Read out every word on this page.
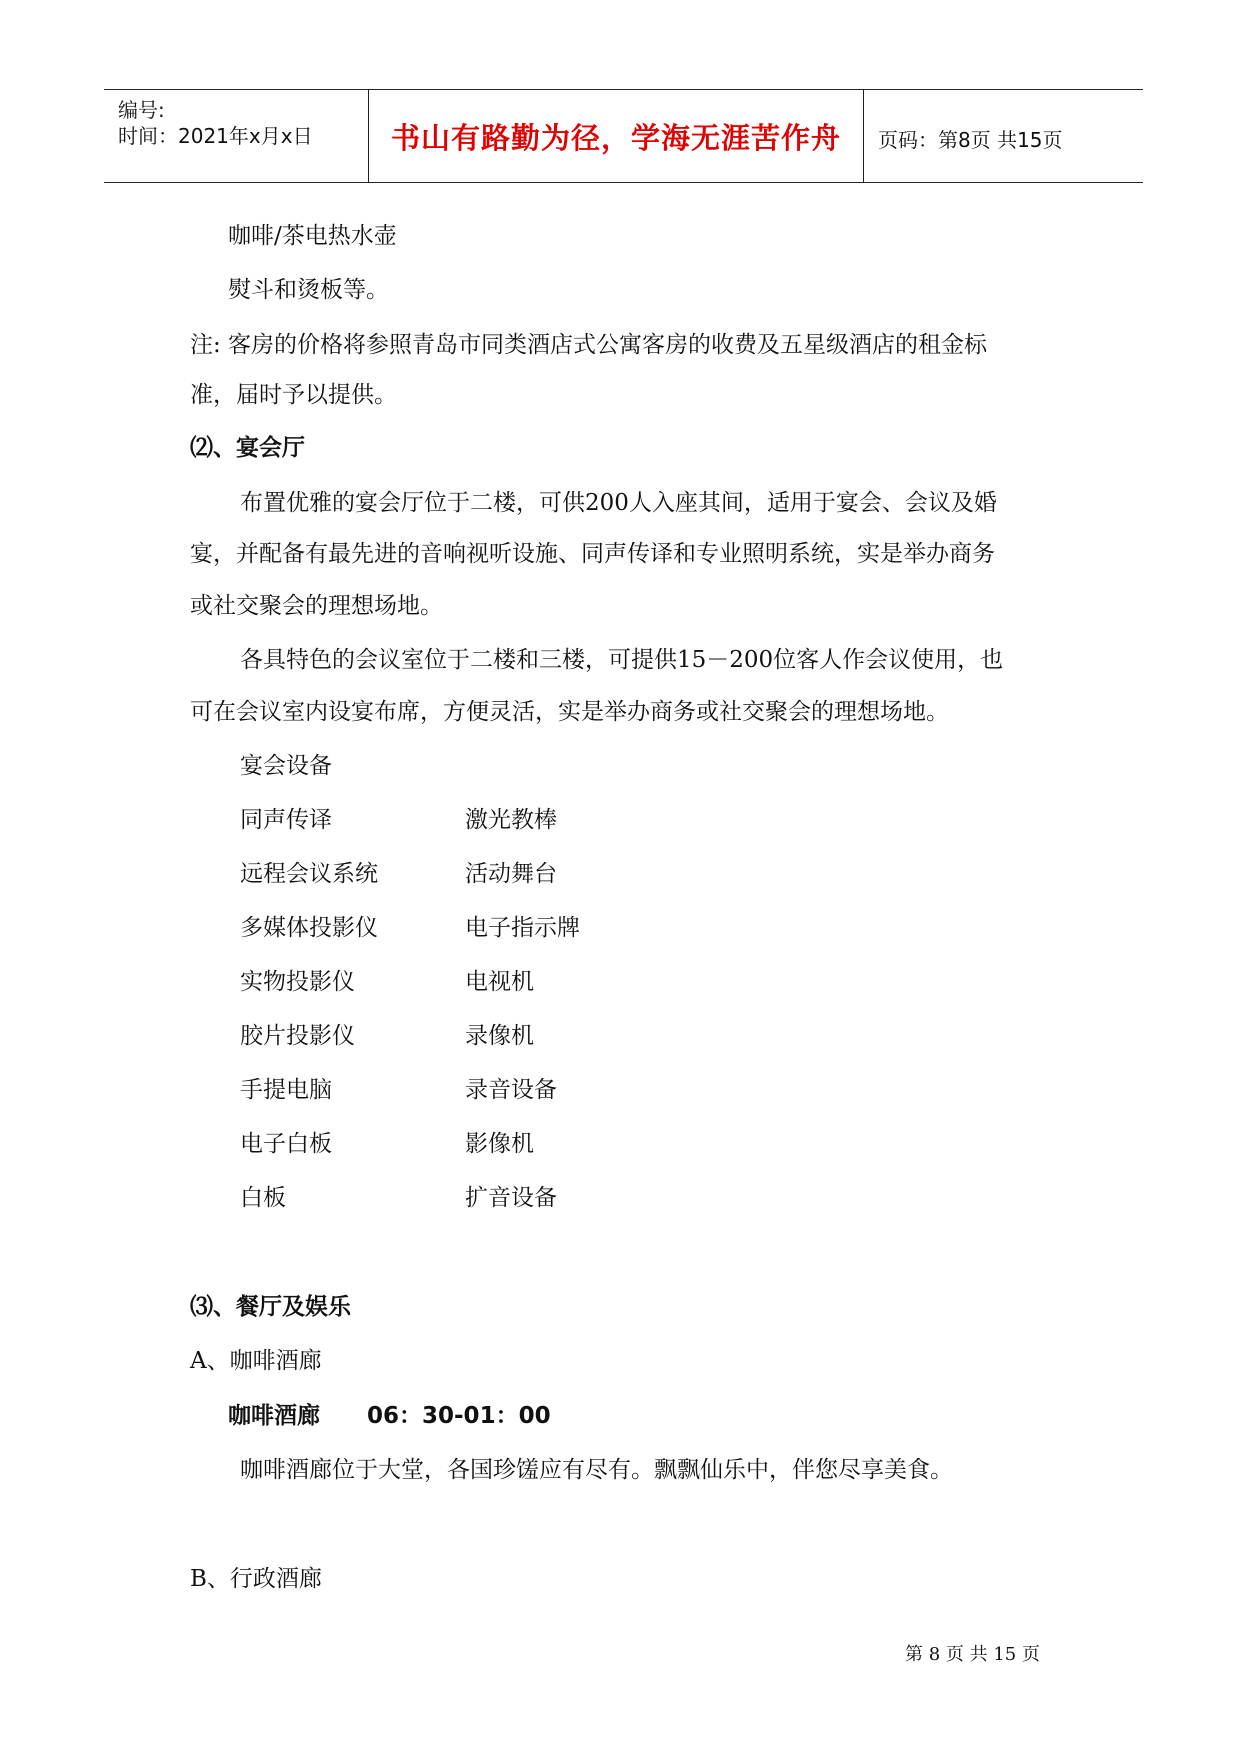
编号:
时间：2021年x月x日	书山有路勤为径，学海无涯苦作舟	页码：第8页 共15页
咖啡/茶电热水壶
熨斗和烫板等。
注: 客房的价格将参照青岛市同类酒店式公寓客房的收费及五星级酒店的租金标
准，届时予以提供。
⑵、宴会厅
布置优雅的宴会厅位于二楼，可供200人入座其间，适用于宴会、会议及婚
宴，并配备有最先进的音响视听设施、同声传译和专业照明系统，实是举办商务
或社交聚会的理想场地。
各具特色的会议室位于二楼和三楼，可提供15－200位客人作会议使用，也
可在会议室内设宴布席，方便灵活，实是举办商务或社交聚会的理想场地。
宴会设备
同声传译	激光教棒
远程会议系统	活动舞台
多媒体投影仪	电子指示牌
实物投影仪	电视机
胶片投影仪	录像机
手提电脑	录音设备
电子白板	影像机
白板	扩音设备
⑶、餐厅及娱乐
A、咖啡酒廊
咖啡酒廊 06：30-01：00
咖啡酒廊位于大堂，各国珍馐应有尽有。飘飘仙乐中，伴您尽享美食。
B、行政酒廊
第 8 页 共 15 页
